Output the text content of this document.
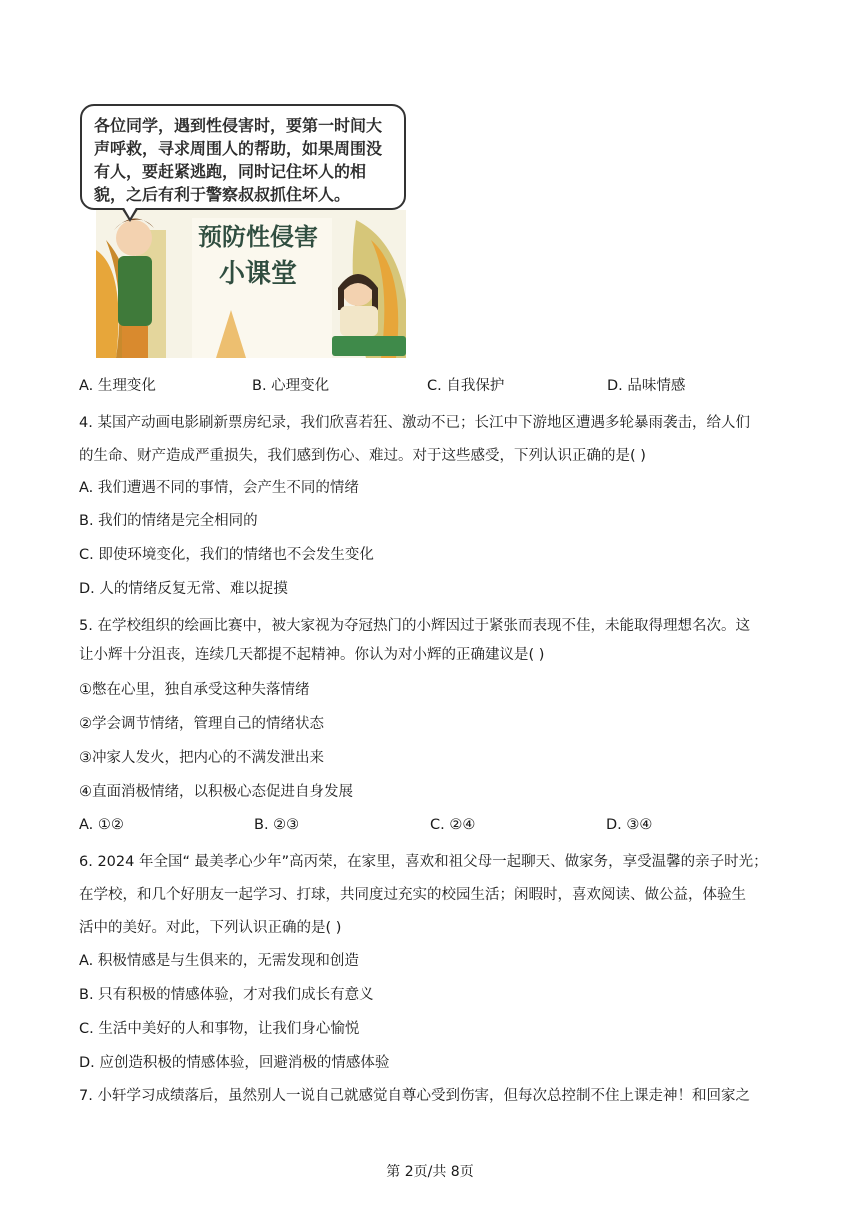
各位同学，遇到性侵害时，要第一时间大声呼救，寻求周围人的帮助，如果周围没有人，要赶紧逃跑，同时记住坏人的相貌，之后有利于警察叔叔抓住坏人。
预防性侵害
小课堂
A. 生理变化	B. 心理变化	C. 自我保护	D. 品味情感
4. 某国产动画电影刷新票房纪录，我们欣喜若狂、激动不已；长江中下游地区遭遇多轮暴雨袭击，给人们
的生命、财产造成严重损失，我们感到伤心、难过。对于这些感受，下列认识正确的是( )
A. 我们遭遇不同的事情，会产生不同的情绪
B. 我们的情绪是完全相同的
C. 即使环境变化，我们的情绪也不会发生变化
D. 人的情绪反复无常、难以捉摸
5. 在学校组织的绘画比赛中，被大家视为夺冠热门的小辉因过于紧张而表现不佳，未能取得理想名次。这
让小辉十分沮丧，连续几天都提不起精神。你认为对小辉的正确建议是( )
①憋在心里，独自承受这种失落情绪
②学会调节情绪，管理自己的情绪状态
③冲家人发火，把内心的不满发泄出来
④直面消极情绪，以积极心态促进自身发展
A. ①②	B. ②③	C. ②④	D. ③④
6. 2024 年全国“ 最美孝心少年”高丙荣，在家里，喜欢和祖父母一起聊天、做家务，享受温馨的亲子时光；
在学校，和几个好朋友一起学习、打球，共同度过充实的校园生活；闲暇时，喜欢阅读、做公益，体验生
活中的美好。对此，下列认识正确的是( )
A. 积极情感是与生俱来的，无需发现和创造
B. 只有积极的情感体验，才对我们成长有意义
C. 生活中美好的人和事物，让我们身心愉悦
D. 应创造积极的情感体验，回避消极的情感体验
7. 小轩学习成绩落后，虽然别人一说自己就感觉自尊心受到伤害，但每次总控制不住上课走神！和回家之
第 2页/共 8页
